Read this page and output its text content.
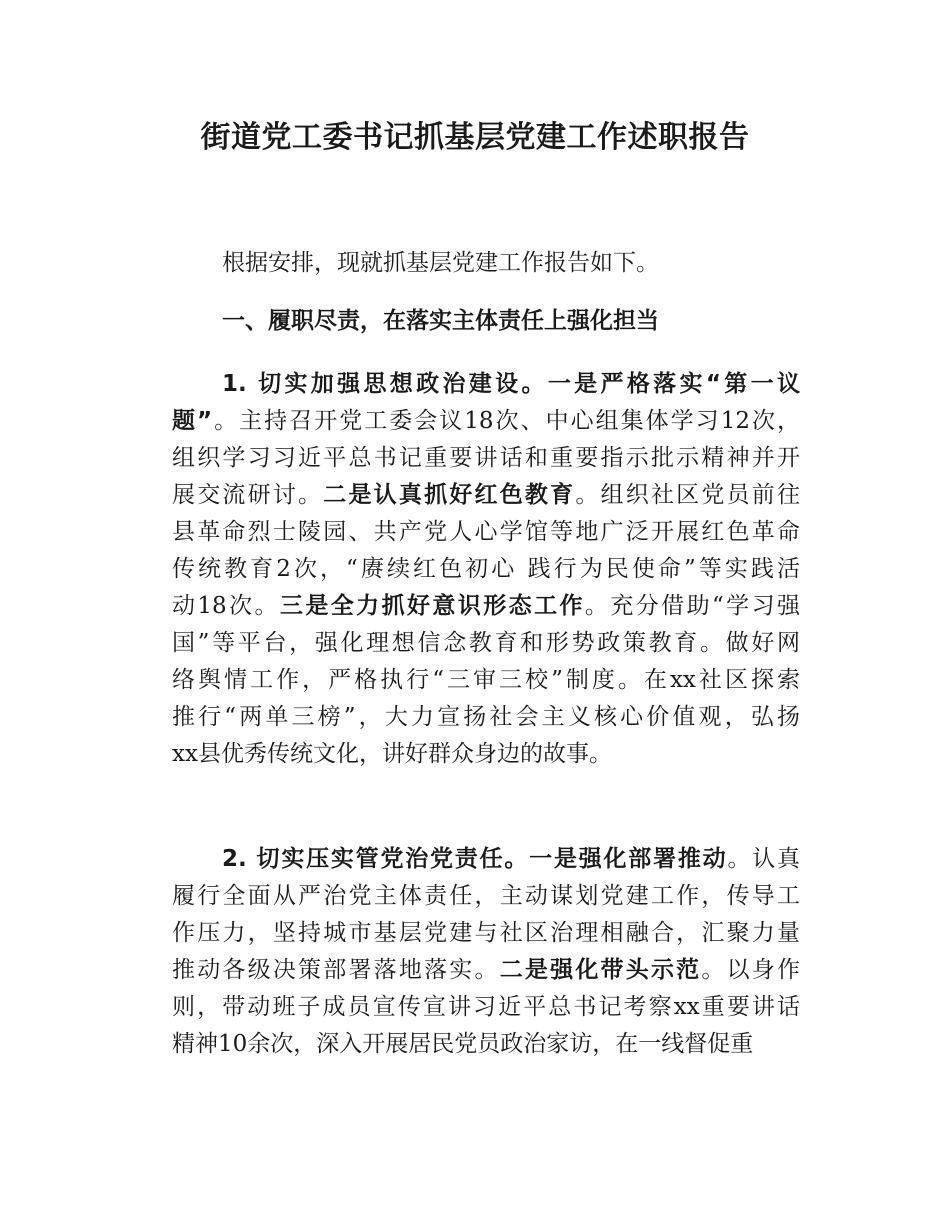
街道党工委书记抓基层党建工作述职报告
根据安排，现就抓基层党建工作报告如下。
一、履职尽责，在落实主体责任上强化担当
1. 切实加强思想政治建设。一是严格落实“第一议
题”。主持召开党工委会议18次、中心组集体学习12次，
组织学习习近平总书记重要讲话和重要指示批示精神并开
展交流研讨。二是认真抓好红色教育。组织社区党员前往
县革命烈士陵园、共产党人心学馆等地广泛开展红色革命
传统教育2次，“赓续红色初心 践行为民使命”等实践活
动18次。三是全力抓好意识形态工作。充分借助“学习强
国”等平台，强化理想信念教育和形势政策教育。做好网
络舆情工作，严格执行“三审三校”制度。在xx社区探索
推行“两单三榜”，大力宣扬社会主义核心价值观，弘扬
xx县优秀传统文化，讲好群众身边的故事。
2. 切实压实管党治党责任。一是强化部署推动。认真
履行全面从严治党主体责任，主动谋划党建工作，传导工
作压力，坚持城市基层党建与社区治理相融合，汇聚力量
推动各级决策部署落地落实。二是强化带头示范。以身作
则，带动班子成员宣传宣讲习近平总书记考察xx重要讲话
精神10余次，深入开展居民党员政治家访，在一线督促重
